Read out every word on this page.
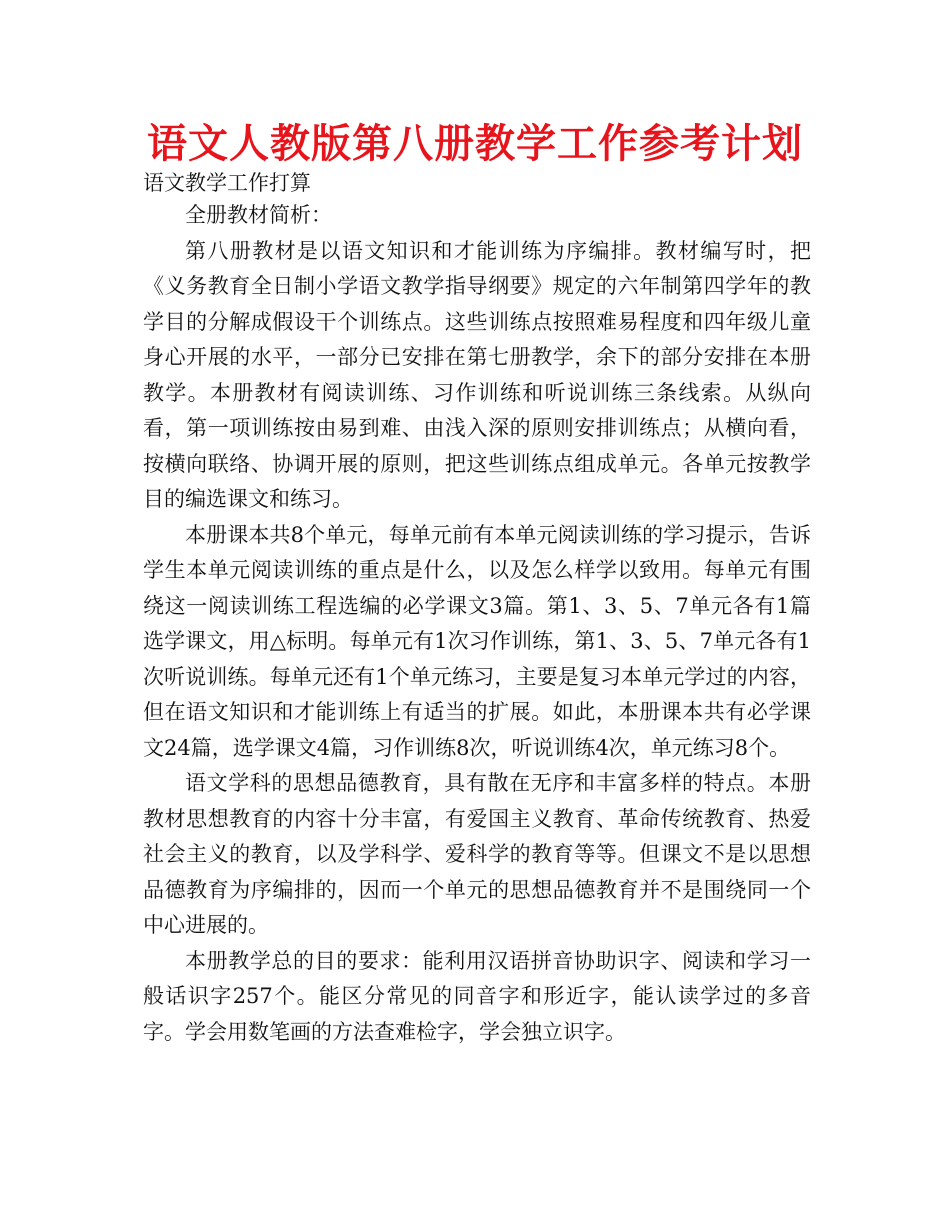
语文人教版第八册教学工作参考计划

语文教学工作打算

全册教材简析：

第八册教材是以语文知识和才能训练为序编排。教材编写时，把《义务教育全日制小学语文教学指导纲要》规定的六年制第四学年的教学目的分解成假设干个训练点。这些训练点按照难易程度和四年级儿童身心开展的水平，一部分已安排在第七册教学，余下的部分安排在本册教学。本册教材有阅读训练、习作训练和听说训练三条线索。从纵向看，第一项训练按由易到难、由浅入深的原则安排训练点；从横向看，按横向联络、协调开展的原则，把这些训练点组成单元。各单元按教学目的编选课文和练习。

本册课本共8个单元，每单元前有本单元阅读训练的学习提示，告诉学生本单元阅读训练的重点是什么，以及怎么样学以致用。每单元有围绕这一阅读训练工程选编的必学课文3篇。第1、3、5、7单元各有1篇选学课文，用△标明。每单元有1次习作训练，第1、3、5、7单元各有1次听说训练。每单元还有1个单元练习，主要是复习本单元学过的内容，但在语文知识和才能训练上有适当的扩展。如此，本册课本共有必学课文24篇，选学课文4篇，习作训练8次，听说训练4次，单元练习8个。

语文学科的思想品德教育，具有散在无序和丰富多样的特点。本册教材思想教育的内容十分丰富，有爱国主义教育、革命传统教育、热爱社会主义的教育，以及学科学、爱科学的教育等等。但课文不是以思想品德教育为序编排的，因而一个单元的思想品德教育并不是围绕同一个中心进展的。

本册教学总的目的要求：能利用汉语拼音协助识字、阅读和学习一般话识字257个。能区分常见的同音字和形近字，能认读学过的多音字。学会用数笔画的方法查难检字，学会独立识字。
